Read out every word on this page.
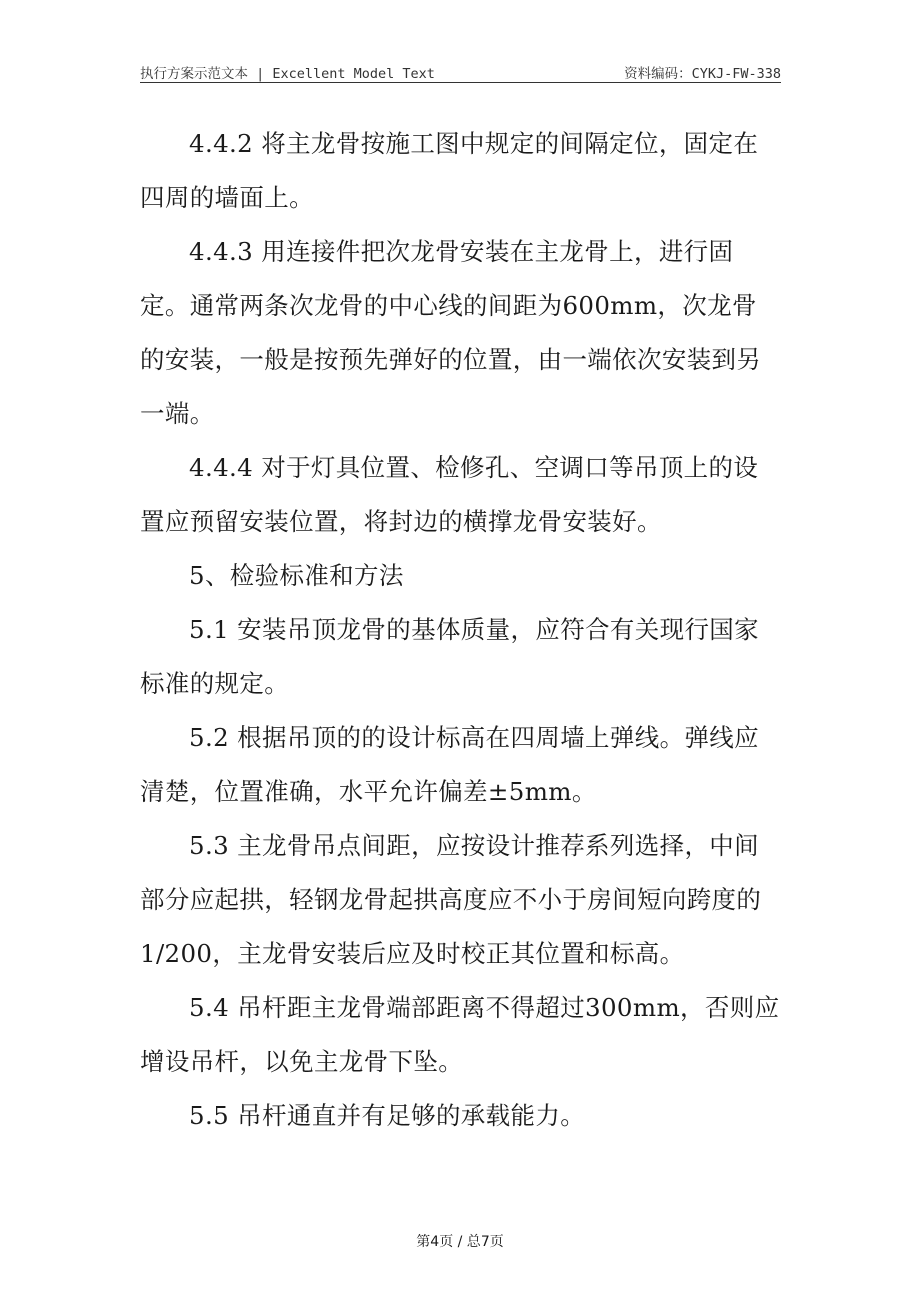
执行方案示范文本 | Excellent Model Text	资料编码：CYKJ-FW-338

4.4.2 将主龙骨按施工图中规定的间隔定位，固定在四周的墙面上。

4.4.3 用连接件把次龙骨安装在主龙骨上，进行固定。通常两条次龙骨的中心线的间距为600mm，次龙骨的安装，一般是按预先弹好的位置，由一端依次安装到另一端。

4.4.4 对于灯具位置、检修孔、空调口等吊顶上的设置应预留安装位置，将封边的横撑龙骨安装好。

5、检验标准和方法

5.1 安装吊顶龙骨的基体质量，应符合有关现行国家标准的规定。

5.2 根据吊顶的的设计标高在四周墙上弹线。弹线应清楚，位置准确，水平允许偏差±5mm。

5.3 主龙骨吊点间距，应按设计推荐系列选择，中间部分应起拱，轻钢龙骨起拱高度应不小于房间短向跨度的1/200，主龙骨安装后应及时校正其位置和标高。

5.4 吊杆距主龙骨端部距离不得超过300mm，否则应增设吊杆，以免主龙骨下坠。

5.5 吊杆通直并有足够的承载能力。

第4页 / 总7页
